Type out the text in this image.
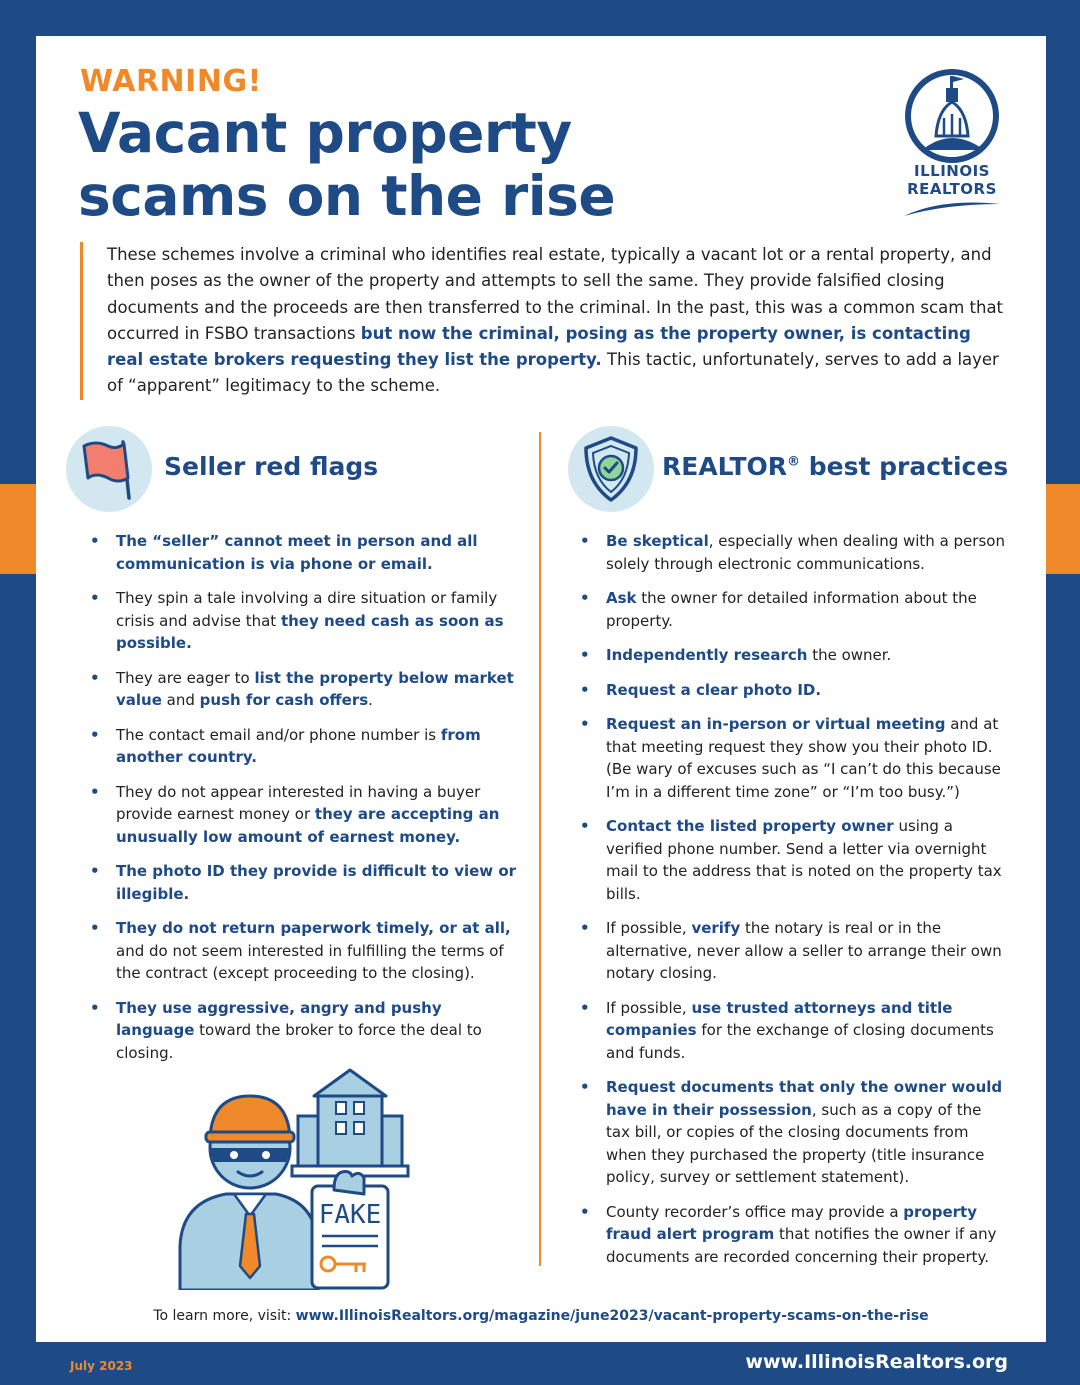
WARNING!
Vacant property
scams on the rise	ILLINOIS
REALTORS
These schemes involve a criminal who identifies real estate, typically a vacant lot or a rental property, and then poses as the owner of the property and attempts to sell the same. They provide falsified closing documents and the proceeds are then transferred to the criminal. In the past, this was a common scam that occurred in FSBO transactions but now the criminal, posing as the property owner, is contacting real estate brokers requesting they list the property. This tactic, unfortunately, serves to add a layer of “apparent” legitimacy to the scheme.
Seller red flags
• The “seller” cannot meet in person and all communication is via phone or email.
• They spin a tale involving a dire situation or family crisis and advise that they need cash as soon as possible.
• They are eager to list the property below market value and push for cash offers.
• The contact email and/or phone number is from another country.
• They do not appear interested in having a buyer provide earnest money or they are accepting an unusually low amount of earnest money.
• The photo ID they provide is difficult to view or illegible.
• They do not return paperwork timely, or at all, and do not seem interested in fulfilling the terms of the contract (except proceeding to the closing).
• They use aggressive, angry and pushy language toward the broker to force the deal to closing.
REALTOR® best practices
• Be skeptical, especially when dealing with a person solely through electronic communications.
• Ask the owner for detailed information about the property.
• Independently research the owner.
• Request a clear photo ID.
• Request an in-person or virtual meeting and at that meeting request they show you their photo ID. (Be wary of excuses such as “I can’t do this because I’m in a different time zone” or “I’m too busy.”)
• Contact the listed property owner using a verified phone number. Send a letter via overnight mail to the address that is noted on the property tax bills.
• If possible, verify the notary is real or in the alternative, never allow a seller to arrange their own notary closing.
• If possible, use trusted attorneys and title companies for the exchange of closing documents and funds.
• Request documents that only the owner would have in their possession, such as a copy of the tax bill, or copies of the closing documents from when they purchased the property (title insurance policy, survey or settlement statement).
• County recorder’s office may provide a property fraud alert program that notifies the owner if any documents are recorded concerning their property.
FAKE
To learn more, visit: www.IllinoisRealtors.org/magazine/june2023/vacant-property-scams-on-the-rise
July 2023	www.IllinoisRealtors.org
